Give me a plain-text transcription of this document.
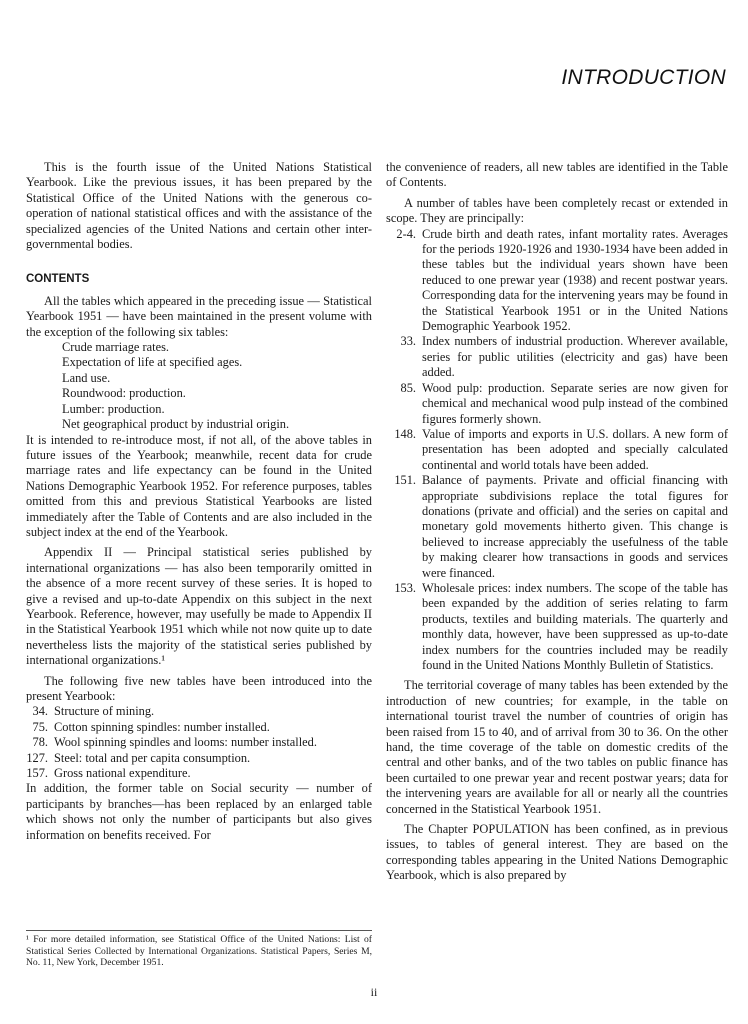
INTRODUCTION

This is the fourth issue of the United Nations Statistical Yearbook. Like the previous issues, it has been prepared by the Statistical Office of the United Nations with the generous co-operation of national statistical offices and with the assistance of the specialized agencies of the United Nations and certain other inter-governmental bodies.

CONTENTS

All the tables which appeared in the preceding issue — Statistical Yearbook 1951 — have been maintained in the present volume with the exception of the following six tables:

Crude marriage rates.
Expectation of life at specified ages.
Land use.
Roundwood: production.
Lumber: production.
Net geographical product by industrial origin.

It is intended to re-introduce most, if not all, of the above tables in future issues of the Yearbook; meanwhile, recent data for crude marriage rates and life expectancy can be found in the United Nations Demographic Yearbook 1952. For reference purposes, tables omitted from this and previous Statistical Yearbooks are listed immediately after the Table of Contents and are also included in the subject index at the end of the Yearbook.

Appendix II — Principal statistical series published by international organizations — has also been temporarily omitted in the absence of a more recent survey of these series. It is hoped to give a revised and up-to-date Appendix on this subject in the next Yearbook. Reference, however, may usefully be made to Appendix II in the Statistical Yearbook 1951 which while not now quite up to date nevertheless lists the majority of the statistical series published by international organizations.¹

The following five new tables have been introduced into the present Yearbook:

34. Structure of mining.
75. Cotton spinning spindles: number installed.
78. Wool spinning spindles and looms: number installed.
127. Steel: total and per capita consumption.
157. Gross national expenditure.

In addition, the former table on Social security — number of participants by branches—has been replaced by an enlarged table which shows not only the number of participants but also gives information on benefits received. For

¹ For more detailed information, see Statistical Office of the United Nations: List of Statistical Series Collected by International Organizations. Statistical Papers, Series M, No. 11, New York, December 1951.

the convenience of readers, all new tables are identified in the Table of Contents.

A number of tables have been completely recast or extended in scope. They are principally:

2-4. Crude birth and death rates, infant mortality rates. Averages for the periods 1920-1926 and 1930-1934 have been added in these tables but the individual years shown have been reduced to one prewar year (1938) and recent postwar years. Corresponding data for the intervening years may be found in the Statistical Yearbook 1951 or in the United Nations Demographic Yearbook 1952.
33. Index numbers of industrial production. Wherever available, series for public utilities (electricity and gas) have been added.
85. Wood pulp: production. Separate series are now given for chemical and mechanical wood pulp instead of the combined figures formerly shown.
148. Value of imports and exports in U.S. dollars. A new form of presentation has been adopted and specially calculated continental and world totals have been added.
151. Balance of payments. Private and official financing with appropriate subdivisions replace the total figures for donations (private and official) and the series on capital and monetary gold movements hitherto given. This change is believed to increase appreciably the usefulness of the table by making clearer how transactions in goods and services were financed.
153. Wholesale prices: index numbers. The scope of the table has been expanded by the addition of series relating to farm products, textiles and building materials. The quarterly and monthly data, however, have been suppressed as up-to-date index numbers for the countries included may be readily found in the United Nations Monthly Bulletin of Statistics.

The territorial coverage of many tables has been extended by the introduction of new countries; for example, in the table on international tourist travel the number of countries of origin has been raised from 15 to 40, and of arrival from 30 to 36. On the other hand, the time coverage of the table on domestic credits of the central and other banks, and of the two tables on public finance has been curtailed to one prewar year and recent postwar years; data for the intervening years are available for all or nearly all the countries concerned in the Statistical Yearbook 1951.

The Chapter POPULATION has been confined, as in previous issues, to tables of general interest. They are based on the corresponding tables appearing in the United Nations Demographic Yearbook, which is also prepared by

ii
